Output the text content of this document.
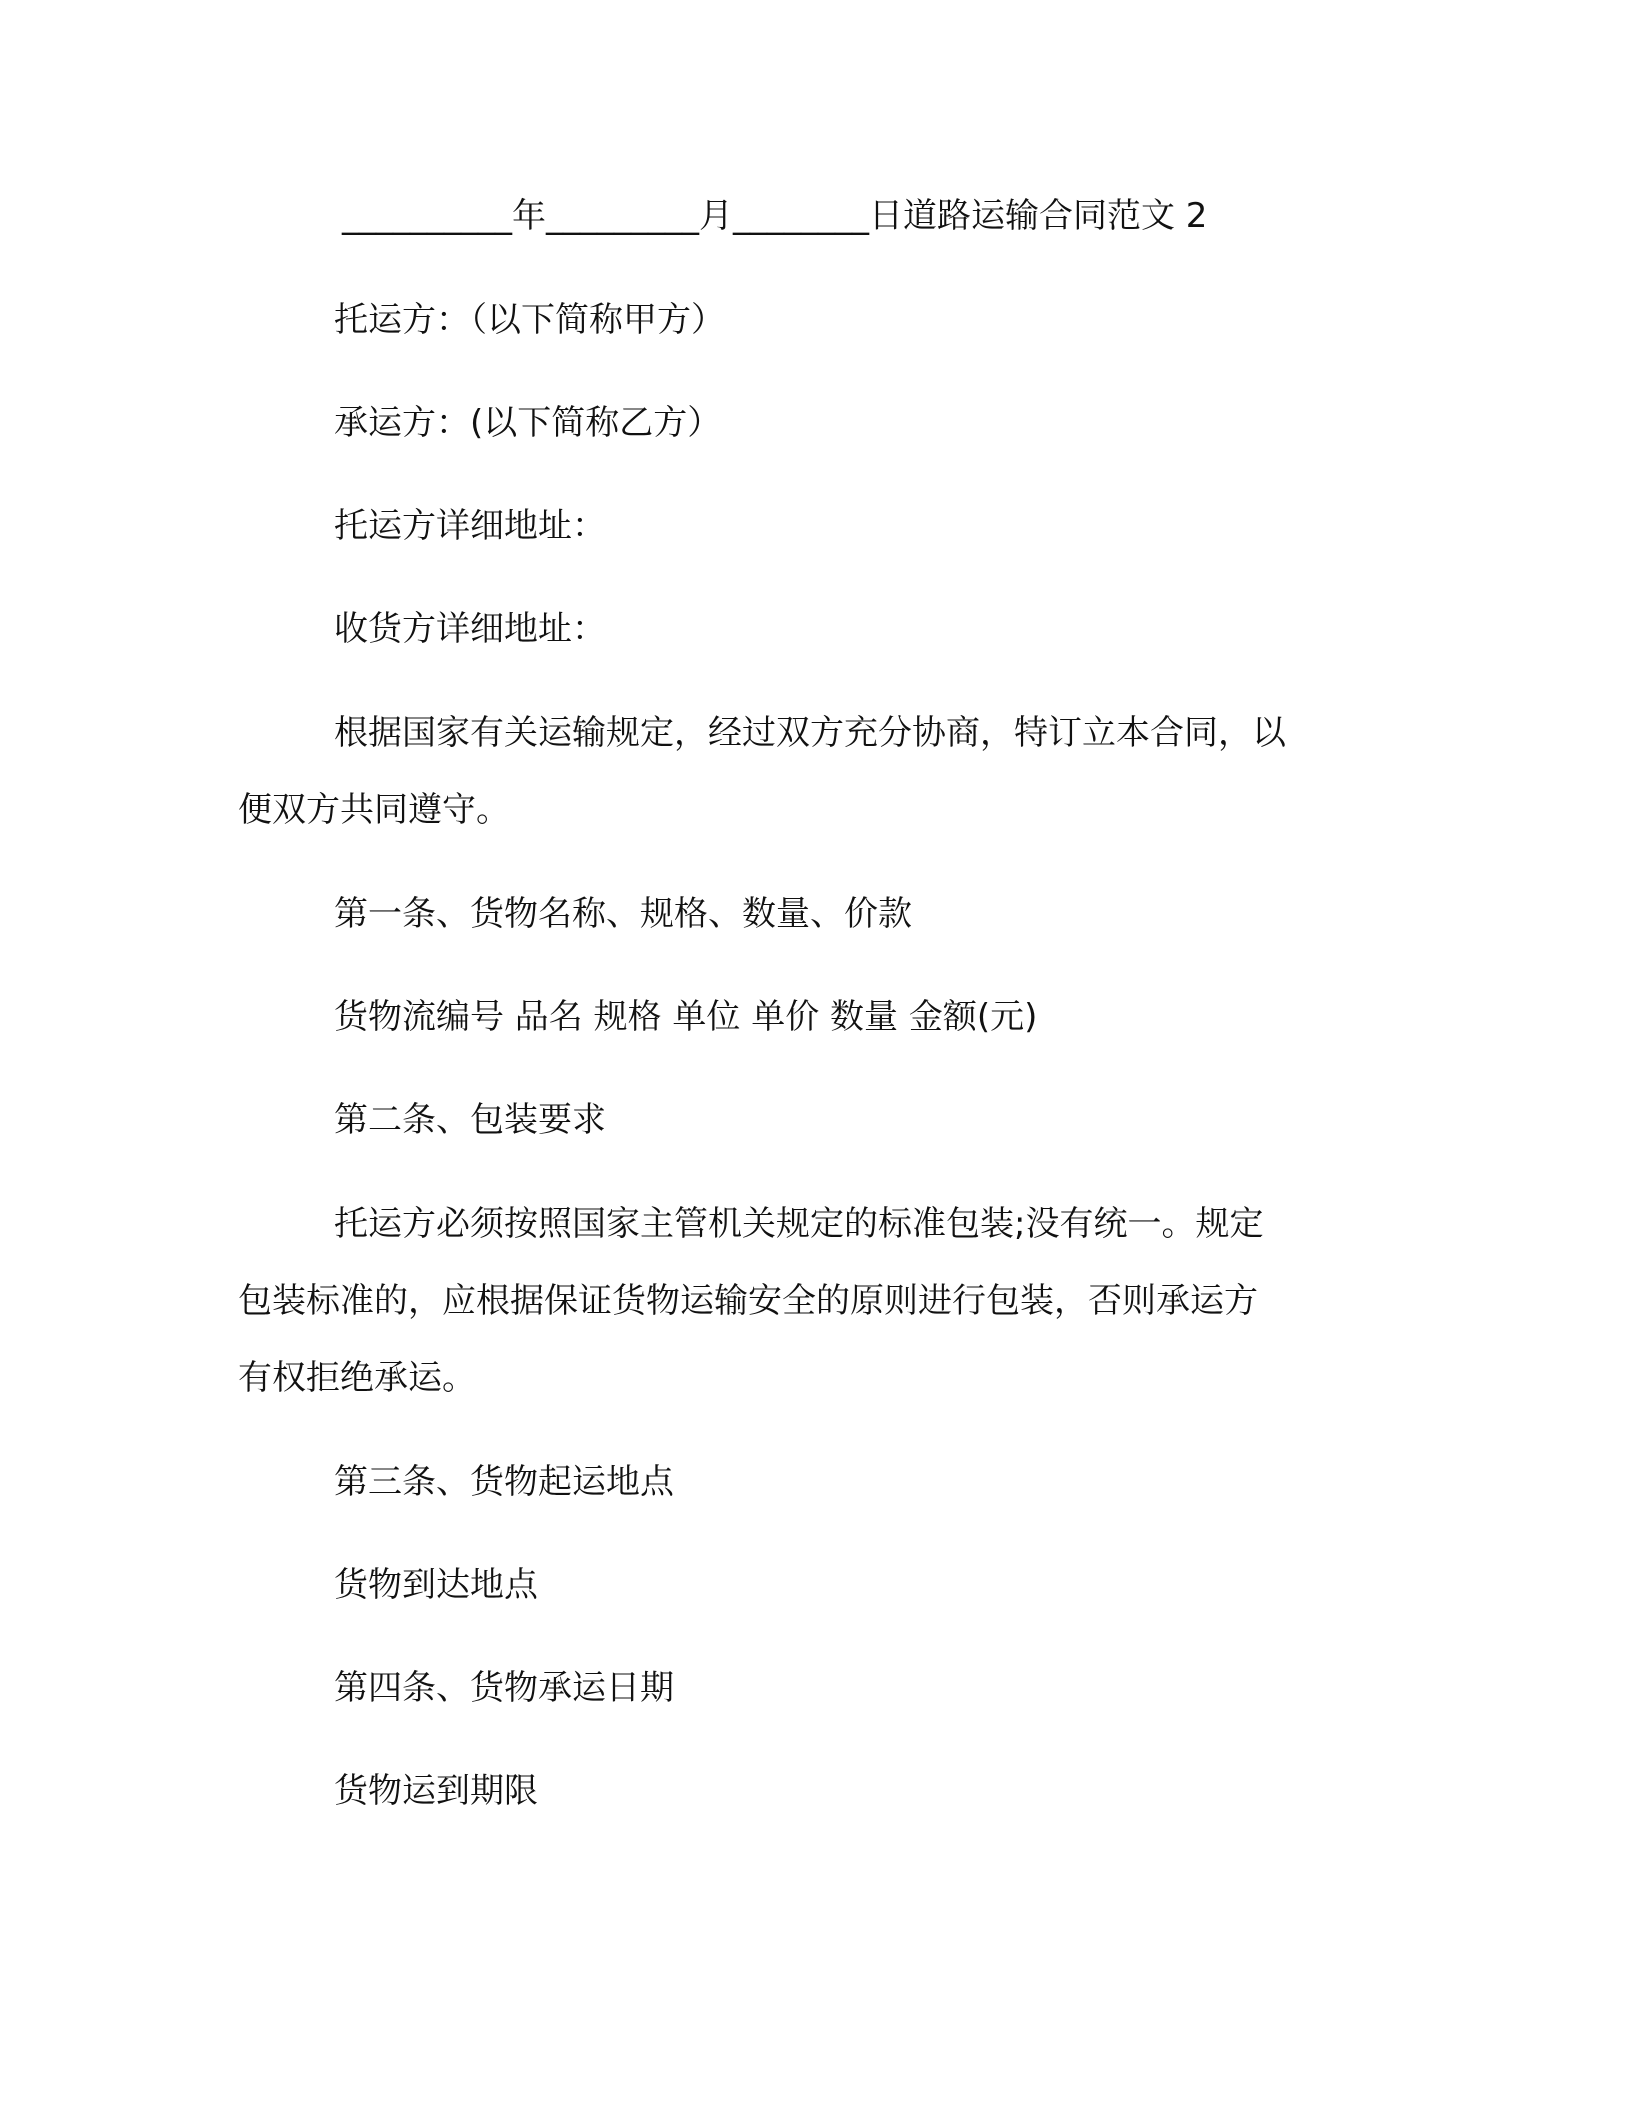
__________年_________月________日道路运输合同范文 2
托运方：（以下简称甲方）
承运方：(以下简称乙方）
托运方详细地址：
收货方详细地址：
根据国家有关运输规定，经过双方充分协商，特订立本合同，以
便双方共同遵守。
第一条、货物名称、规格、数量、价款
货物流编号 品名 规格 单位 单价 数量 金额(元)
第二条、包装要求
托运方必须按照国家主管机关规定的标准包装;没有统一。规定
包装标准的，应根据保证货物运输安全的原则进行包装，否则承运方
有权拒绝承运。
第三条、货物起运地点
货物到达地点
第四条、货物承运日期
货物运到期限
